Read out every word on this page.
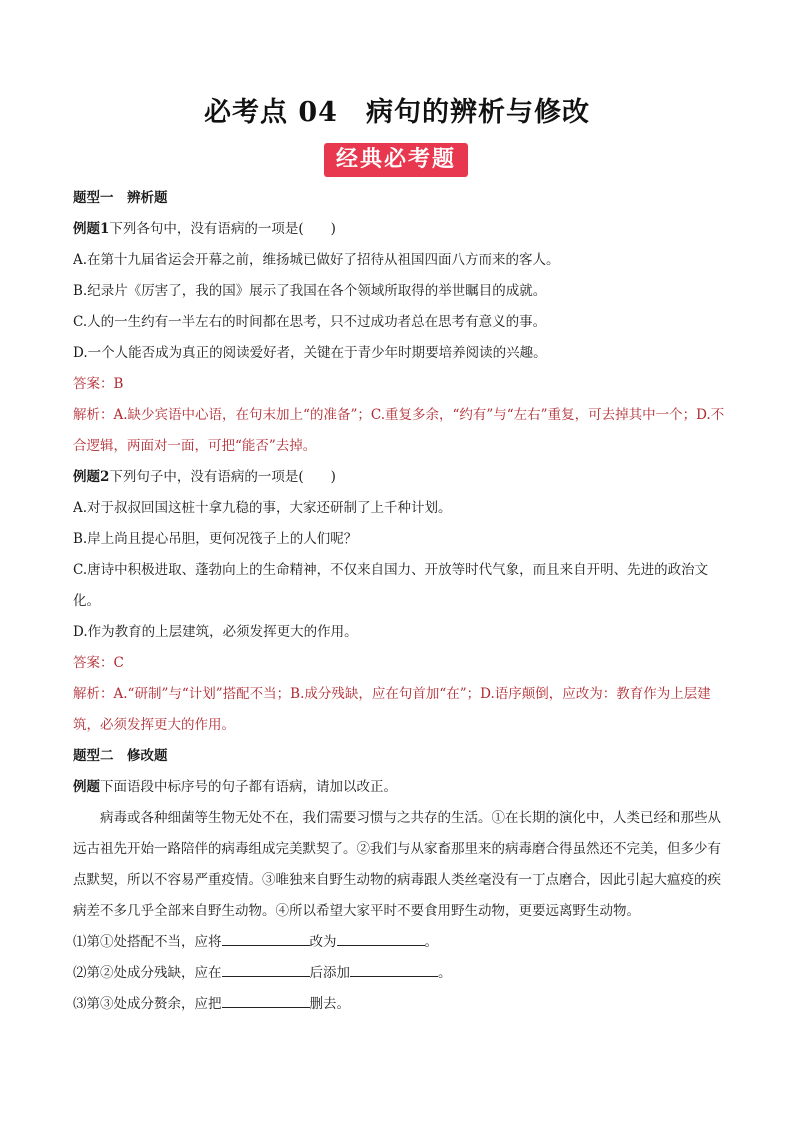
必考点 04　病句的辨析与修改
经典必考题
题型一　辨析题
例题1下列各句中，没有语病的一项是(　　)
A.在第十九届省运会开幕之前，维扬城已做好了招待从祖国四面八方而来的客人。
B.纪录片《厉害了，我的国》展示了我国在各个领域所取得的举世瞩目的成就。
C.人的一生约有一半左右的时间都在思考，只不过成功者总在思考有意义的事。
D.一个人能否成为真正的阅读爱好者，关键在于青少年时期要培养阅读的兴趣。
答案：B
解析：A.缺少宾语中心语，在句末加上“的准备”；C.重复多余，“约有”与“左右”重复，可去掉其中一个；D.不合逻辑，两面对一面，可把“能否”去掉。
例题2下列句子中，没有语病的一项是(　　)
A.对于叔叔回国这桩十拿九稳的事，大家还研制了上千种计划。
B.岸上尚且提心吊胆，更何况筏子上的人们呢？
C.唐诗中积极进取、蓬勃向上的生命精神，不仅来自国力、开放等时代气象，而且来自开明、先进的政治文化。
D.作为教育的上层建筑，必须发挥更大的作用。
答案：C
解析：A.“研制”与“计划”搭配不当；B.成分残缺，应在句首加“在”；D.语序颠倒，应改为：教育作为上层建筑，必须发挥更大的作用。
题型二　修改题
例题下面语段中标序号的句子都有语病，请加以改正。
病毒或各种细菌等生物无处不在，我们需要习惯与之共存的生活。①在长期的演化中，人类已经和那些从远古祖先开始一路陪伴的病毒组成完美默契了。②我们与从家畜那里来的病毒磨合得虽然还不完美，但多少有点默契，所以不容易严重疫情。③唯独来自野生动物的病毒跟人类丝毫没有一丁点磨合，因此引起大瘟疫的疾病差不多几乎全部来自野生动物。④所以希望大家平时不要食用野生动物，更要远离野生动物。
⑴第①处搭配不当，应将	改为	。
⑵第②处成分残缺，应在	后添加	。
⑶第③处成分赘余，应把	删去。
